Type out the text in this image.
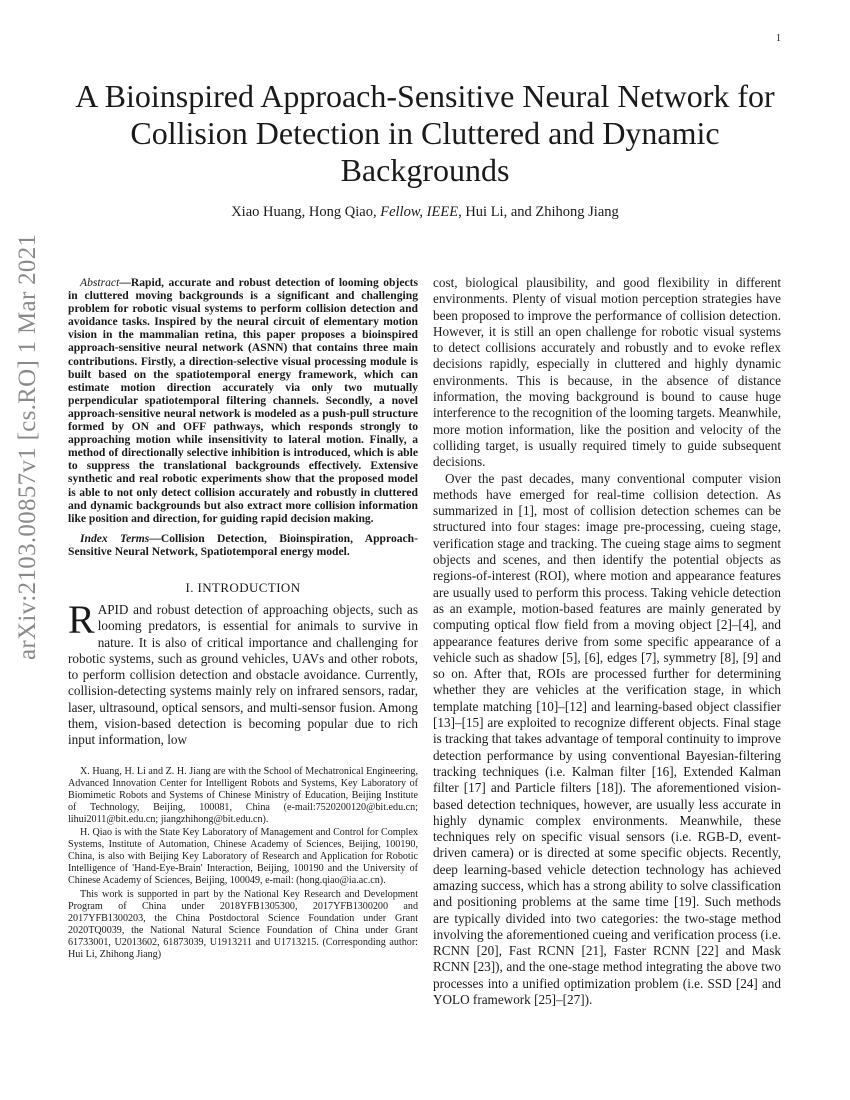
1
arXiv:2103.00857v1 [cs.RO] 1 Mar 2021
A Bioinspired Approach-Sensitive Neural Network for Collision Detection in Cluttered and Dynamic Backgrounds

Xiao Huang, Hong Qiao, Fellow, IEEE, Hui Li, and Zhihong Jiang

Abstract—Rapid, accurate and robust detection of looming objects in cluttered moving backgrounds is a significant and challenging problem for robotic visual systems to perform collision detection and avoidance tasks. Inspired by the neural circuit of elementary motion vision in the mammalian retina, this paper proposes a bioinspired approach-sensitive neural network (ASNN) that contains three main contributions. Firstly, a direction-selective visual processing module is built based on the spatiotemporal energy framework, which can estimate motion direction accurately via only two mutually perpendicular spatiotemporal filtering channels. Secondly, a novel approach-sensitive neural network is modeled as a push-pull structure formed by ON and OFF pathways, which responds strongly to approaching motion while insensitivity to lateral motion. Finally, a method of directionally selective inhibition is introduced, which is able to suppress the translational backgrounds effectively. Extensive synthetic and real robotic experiments show that the proposed model is able to not only detect collision accurately and robustly in cluttered and dynamic backgrounds but also extract more collision information like position and direction, for guiding rapid decision making.

Index Terms—Collision Detection, Bioinspiration, Approach-Sensitive Neural Network, Spatiotemporal energy model.

I. INTRODUCTION

RAPID and robust detection of approaching objects, such as looming predators, is essential for animals to survive in nature. It is also of critical importance and challenging for robotic systems, such as ground vehicles, UAVs and other robots, to perform collision detection and obstacle avoidance. Currently, collision-detecting systems mainly rely on infrared sensors, radar, laser, ultrasound, optical sensors, and multi-sensor fusion. Among them, vision-based detection is becoming popular due to rich input information, low

X. Huang, H. Li and Z. H. Jiang are with the School of Mechatronical Engineering, Advanced Innovation Center for Intelligent Robots and Systems, Key Laboratory of Biomimetic Robots and Systems of Chinese Ministry of Education, Beijing Institute of Technology, Beijing, 100081, China (e-mail:7520200120@bit.edu.cn; lihui2011@bit.edu.cn; jiangzhihong@bit.edu.cn).

H. Qiao is with the State Key Laboratory of Management and Control for Complex Systems, Institute of Automation, Chinese Academy of Sciences, Beijing, 100190, China, is also with Beijing Key Laboratory of Research and Application for Robotic Intelligence of 'Hand-Eye-Brain' Interaction, Beijing, 100190 and the University of Chinese Academy of Sciences, Beijing, 100049, e-mail: (hong.qiao@ia.ac.cn).

This work is supported in part by the National Key Research and Development Program of China under 2018YFB1305300, 2017YFB1300200 and 2017YFB1300203, the China Postdoctoral Science Foundation under Grant 2020TQ0039, the National Natural Science Foundation of China under Grant 61733001, U2013602, 61873039, U1913211 and U1713215. (Corresponding author: Hui Li, Zhihong Jiang)

cost, biological plausibility, and good flexibility in different environments. Plenty of visual motion perception strategies have been proposed to improve the performance of collision detection. However, it is still an open challenge for robotic visual systems to detect collisions accurately and robustly and to evoke reflex decisions rapidly, especially in cluttered and highly dynamic environments. This is because, in the absence of distance information, the moving background is bound to cause huge interference to the recognition of the looming targets. Meanwhile, more motion information, like the position and velocity of the colliding target, is usually required timely to guide subsequent decisions.

Over the past decades, many conventional computer vision methods have emerged for real-time collision detection. As summarized in [1], most of collision detection schemes can be structured into four stages: image pre-processing, cueing stage, verification stage and tracking. The cueing stage aims to segment objects and scenes, and then identify the potential objects as regions-of-interest (ROI), where motion and appearance features are usually used to perform this process. Taking vehicle detection as an example, motion-based features are mainly generated by computing optical flow field from a moving object [2]–[4], and appearance features derive from some specific appearance of a vehicle such as shadow [5], [6], edges [7], symmetry [8], [9] and so on. After that, ROIs are processed further for determining whether they are vehicles at the verification stage, in which template matching [10]–[12] and learning-based object classifier [13]–[15] are exploited to recognize different objects. Final stage is tracking that takes advantage of temporal continuity to improve detection performance by using conventional Bayesian-filtering tracking techniques (i.e. Kalman filter [16], Extended Kalman filter [17] and Particle filters [18]). The aforementioned vision-based detection techniques, however, are usually less accurate in highly dynamic complex environments. Meanwhile, these techniques rely on specific visual sensors (i.e. RGB-D, event-driven camera) or is directed at some specific objects. Recently, deep learning-based vehicle detection technology has achieved amazing success, which has a strong ability to solve classification and positioning problems at the same time [19]. Such methods are typically divided into two categories: the two-stage method involving the aforementioned cueing and verification process (i.e. RCNN [20], Fast RCNN [21], Faster RCNN [22] and Mask RCNN [23]), and the one-stage method integrating the above two processes into a unified optimization problem (i.e. SSD [24] and YOLO framework [25]–[27]).
